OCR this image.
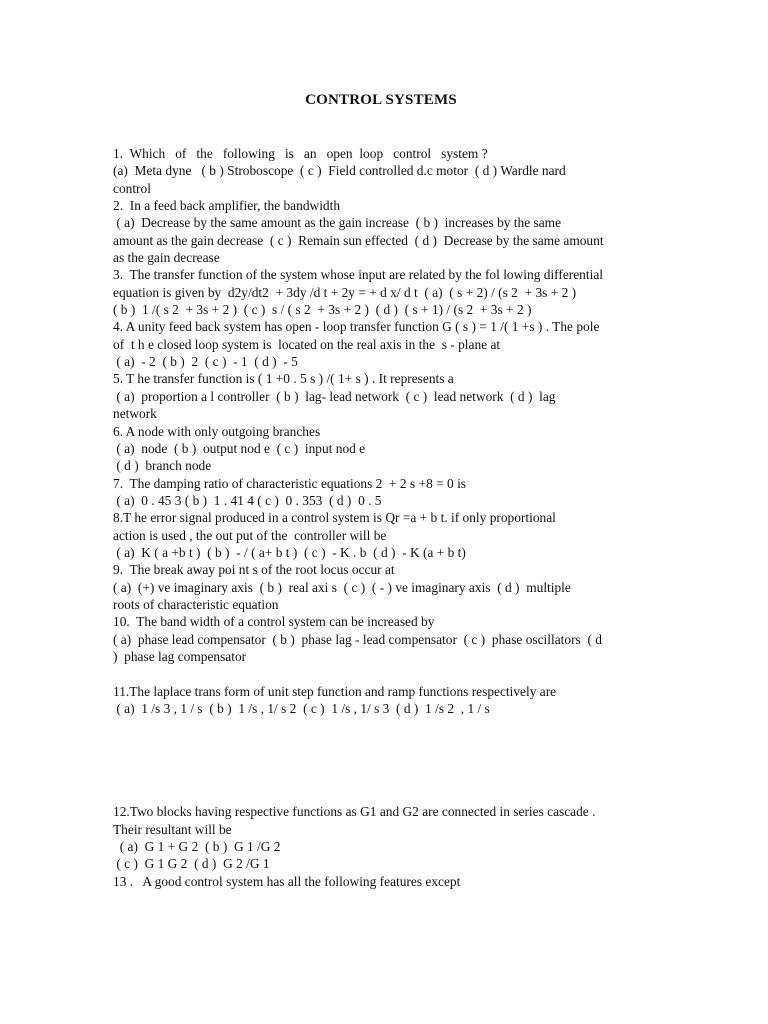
CONTROL SYSTEMS
1.  Which   of   the   following   is   an   open  loop   control   system ?
(a)  Meta dyne   ( b ) Stroboscope  ( c )  Field controlled d.c motor  ( d ) Wardle nard
control
2.  In a feed back amplifier, the bandwidth
( a)  Decrease by the same amount as the gain increase  ( b )  increases by the same
amount as the gain decrease  ( c )  Remain sun effected  ( d )  Decrease by the same amount
as the gain decrease
3.  The transfer function of the system whose input are related by the fol lowing differential
equation is given by  d2y/dt2  + 3dy /d t + 2y = + d x/ d t  ( a)  ( s + 2) / (s 2  + 3s + 2 )
( b )  1 /( s 2  + 3s + 2 )  ( c )  s / ( s 2  + 3s + 2 )  ( d )  ( s + 1) / (s 2  + 3s + 2 )
4. A unity feed back system has open - loop transfer function G ( s ) = 1 /( 1 +s ) . The pole
of  t h e closed loop system is  located on the real axis in the  s - plane at
( a)  - 2  ( b )  2  ( c )  - 1  ( d )  - 5
5. T he transfer function is ( 1 +0 . 5 s ) /( 1+ s ) . It represents a
( a)  proportion a l controller  ( b )  lag- lead network  ( c )  lead network  ( d )  lag
network
6. A node with only outgoing branches
( a)  node  ( b )  output nod e  ( c )  input nod e
( d )  branch node
7.  The damping ratio of characteristic equations 2  + 2 s +8 = 0 is
( a)  0 . 45 3 ( b )  1 . 41 4 ( c )  0 . 353  ( d )  0 . 5
8.T he error signal produced in a control system is Qr =a + b t. if only proportional
action is used , the out put of the  controller will be
( a)  K ( a +b t )  ( b )  - / ( a+ b t )  ( c )  - K . b  ( d )  - K (a + b t)
9.  The break away poi nt s of the root locus occur at
( a)  (+) ve imaginary axis  ( b )  real axi s  ( c )  ( - ) ve imaginary axis  ( d )  multiple
roots of characteristic equation
10.  The band width of a control system can be increased by
( a)  phase lead compensator  ( b )  phase lag - lead compensator  ( c )  phase oscillators  ( d
)  phase lag compensator
11.The laplace trans form of unit step function and ramp functions respectively are
( a)  1 /s 3 , 1 / s  ( b )  1 /s , 1/ s 2  ( c )  1 /s , 1/ s 3  ( d )  1 /s 2  , 1 / s
12.Two blocks having respective functions as G1 and G2 are connected in series cascade .
Their resultant will be
( a)  G 1 + G 2  ( b )  G 1 /G 2
( c )  G 1 G 2  ( d )  G 2 /G 1
13 .   A good control system has all the following features except
